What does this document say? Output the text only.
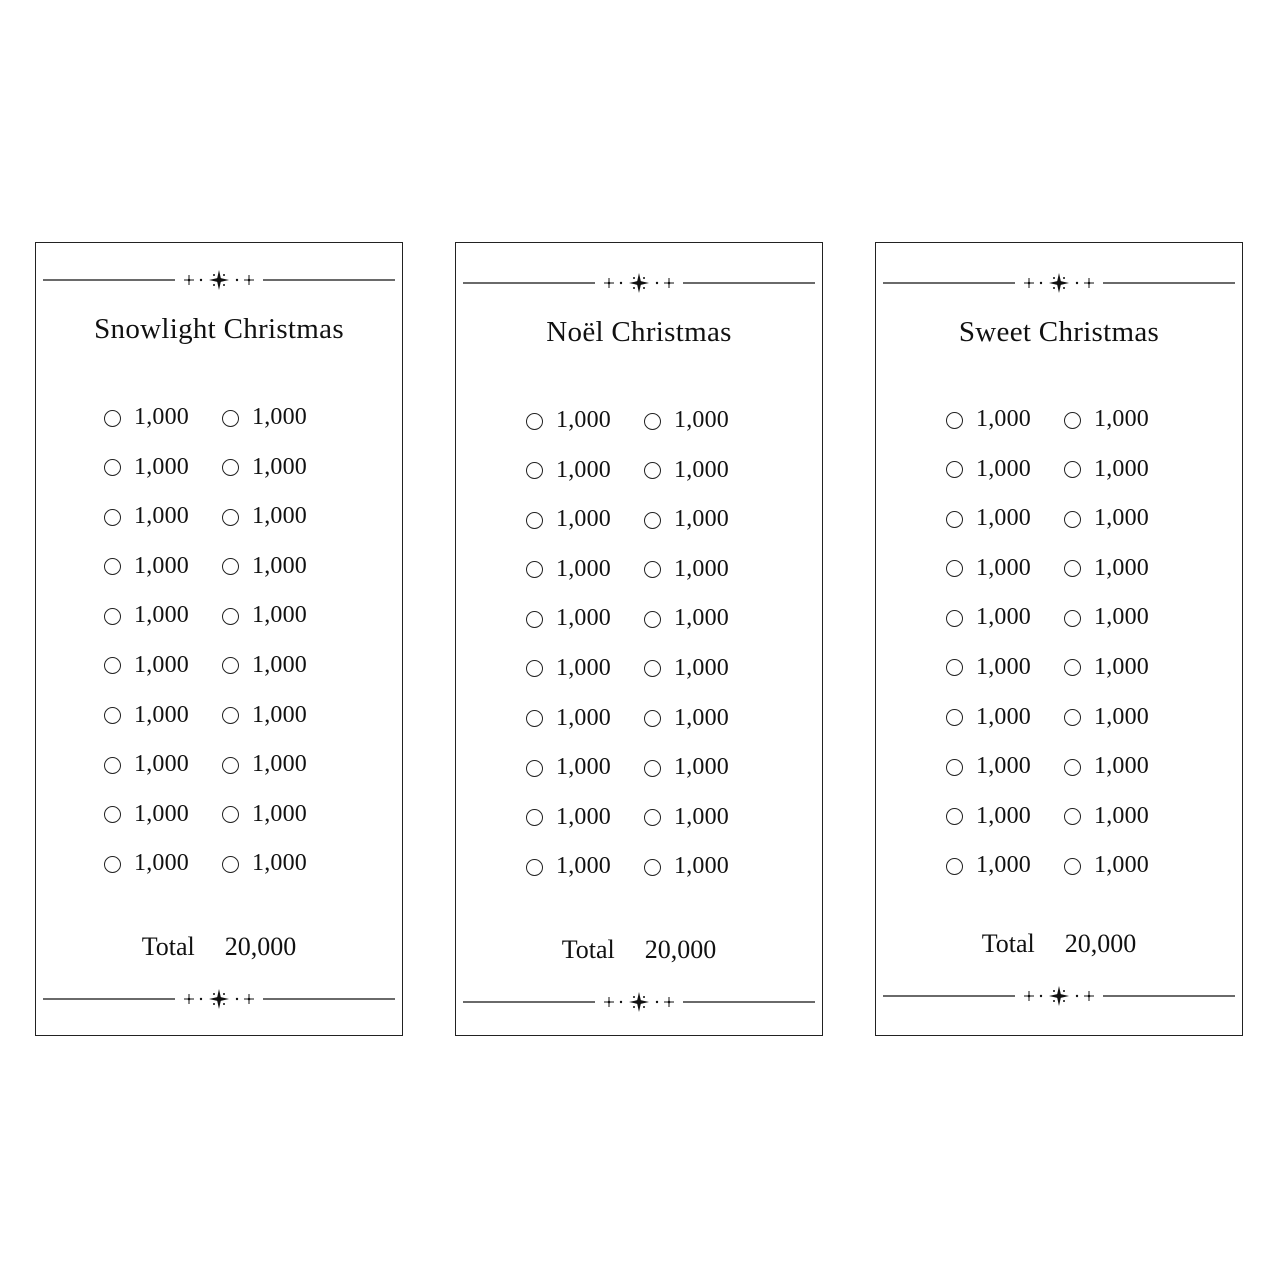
Snowlight Christmas
1,000	1,000
1,000	1,000
1,000	1,000
1,000	1,000
1,000	1,000
1,000	1,000
1,000	1,000
1,000	1,000
1,000	1,000
1,000	1,000
Total 20,000
Noël Christmas
1,000	1,000
1,000	1,000
1,000	1,000
1,000	1,000
1,000	1,000
1,000	1,000
1,000	1,000
1,000	1,000
1,000	1,000
1,000	1,000
Total 20,000
Sweet Christmas
1,000	1,000
1,000	1,000
1,000	1,000
1,000	1,000
1,000	1,000
1,000	1,000
1,000	1,000
1,000	1,000
1,000	1,000
1,000	1,000
Total 20,000
